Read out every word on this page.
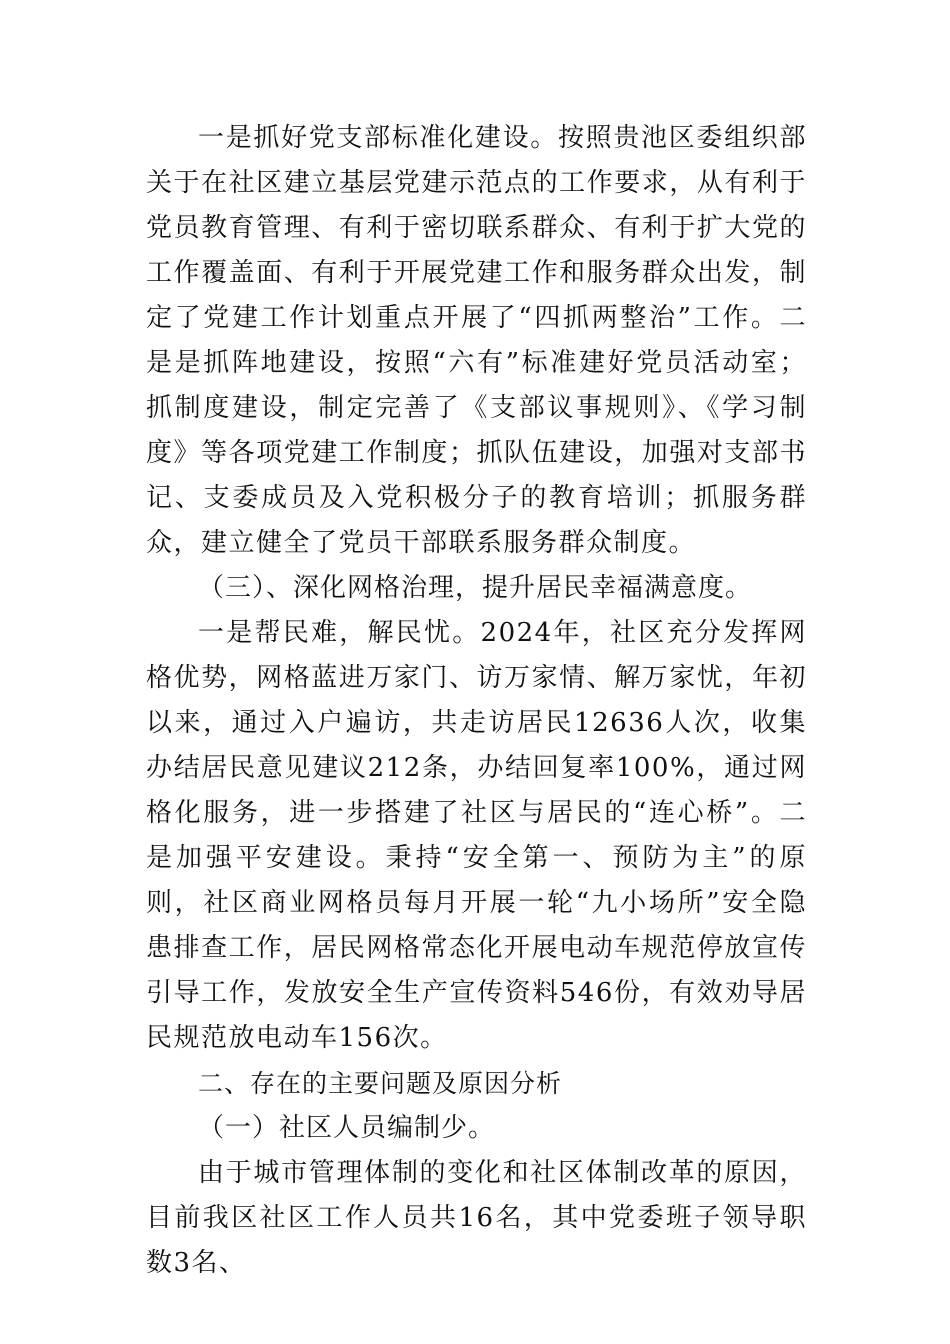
一是抓好党支部标准化建设。按照贵池区委组织部关于在社区建立基层党建示范点的工作要求，从有利于党员教育管理、有利于密切联系群众、有利于扩大党的工作覆盖面、有利于开展党建工作和服务群众出发，制定了党建工作计划重点开展了“四抓两整治”工作。二是是抓阵地建设，按照“六有”标准建好党员活动室；抓制度建设，制定完善了《支部议事规则》、《学习制度》等各项党建工作制度；抓队伍建设，加强对支部书记、支委成员及入党积极分子的教育培训；抓服务群众，建立健全了党员干部联系服务群众制度。

（三）、深化网格治理，提升居民幸福满意度。

一是帮民难，解民忧。2024年，社区充分发挥网格优势，网格蓝进万家门、访万家情、解万家忧，年初以来，通过入户遍访，共走访居民12636人次，收集办结居民意见建议212条，办结回复率100%，通过网格化服务，进一步搭建了社区与居民的“连心桥”。二是加强平安建设。秉持“安全第一、预防为主”的原则，社区商业网格员每月开展一轮“九小场所”安全隐患排查工作，居民网格常态化开展电动车规范停放宣传引导工作，发放安全生产宣传资料546份，有效劝导居民规范放电动车156次。

二、存在的主要问题及原因分析

（一）社区人员编制少。

由于城市管理体制的变化和社区体制改革的原因，目前我区社区工作人员共16名，其中党委班子领导职数3名、
